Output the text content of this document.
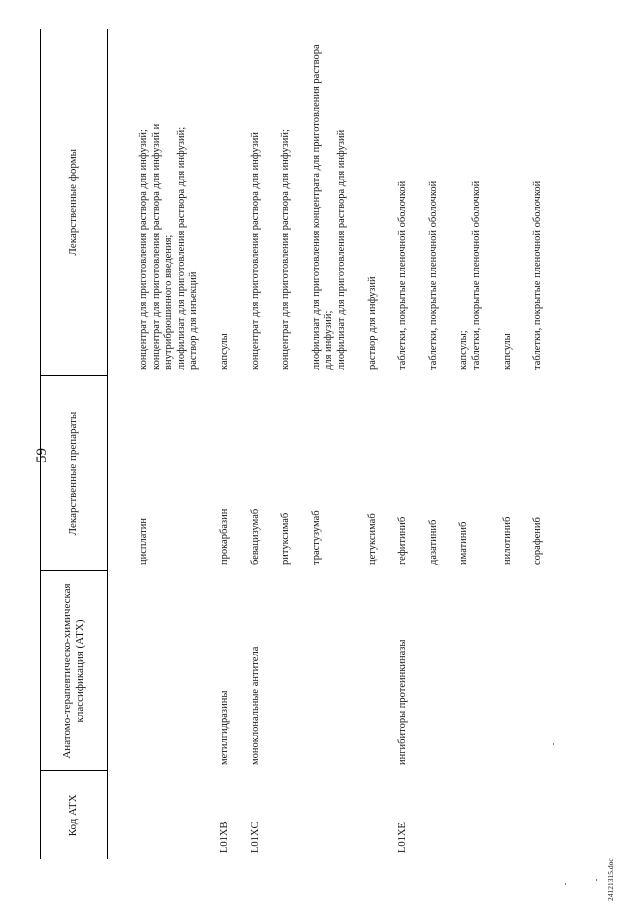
59
Код АТХ	Анатомо-терапевтическо-химическая классификация (АТХ)	Лекарственные препараты	Лекарственные формы
		цисплатин	концентрат для приготовления раствора для инфузий; концентрат для приготовления раствора для инфузий и внутрибрюшинного введения; лиофилизат для приготовления раствора для инфузий; раствор для инъекций

L01XB	метилгидразины	прокарбазин	капсулы

L01XC	моноклональные антитела	бевацизумаб	концентрат для приготовления раствора для инфузий

		ритуксимаб	концентрат для приготовления раствора для инфузий;

		трастузумаб	лиофилизат для приготовления концентрата для приготовления раствора для инфузий; лиофилизат для приготовления раствора для инфузий

		цетуксимаб	раствор для инфузий

L01XE	ингибиторы протеинкиназы	гефитиниб	таблетки, покрытые пленочной оболочкой

		дазатиниб	таблетки, покрытые пленочной оболочкой

		иматиниб	капсулы; таблетки, покрытые пленочной оболочкой

		нилотиниб	капсулы

		сорафениб	таблетки, покрытые пленочной оболочкой
24121315.doc
